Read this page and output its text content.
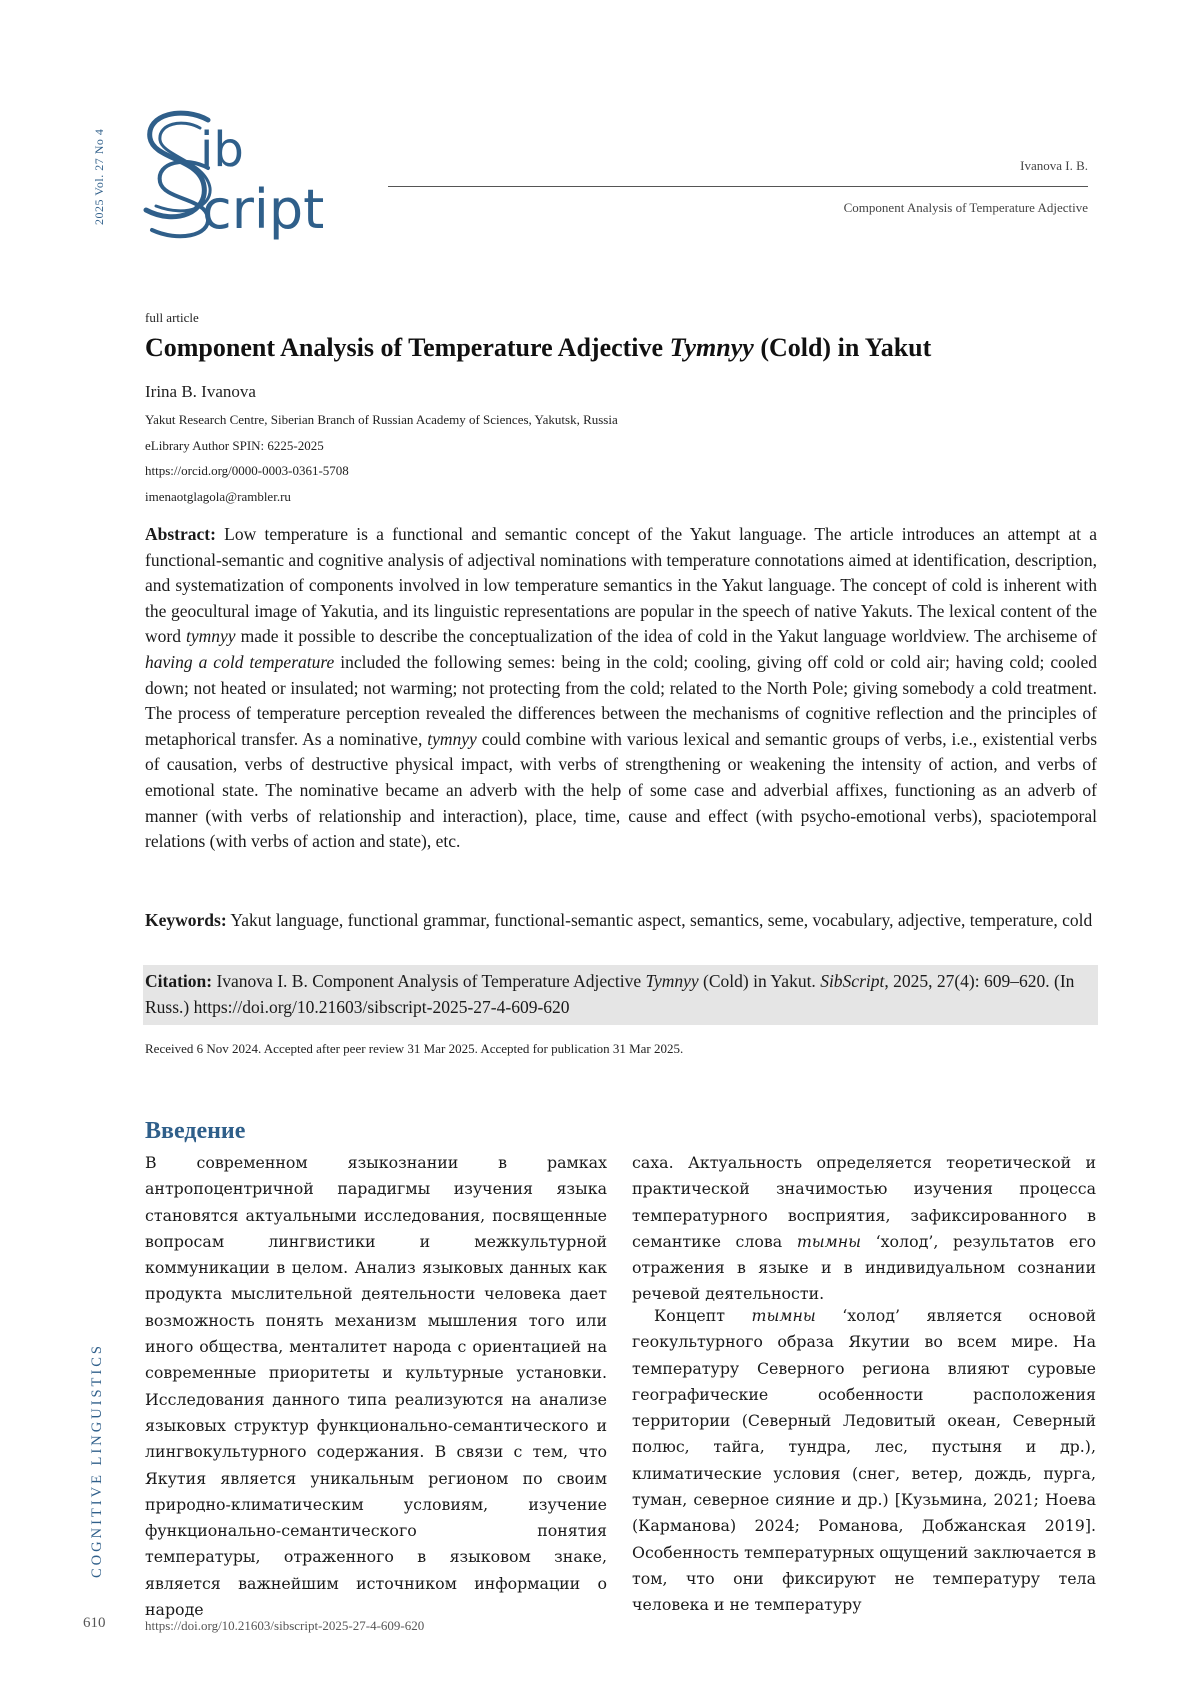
2025 Vol. 27 No 4
COGNITIVE LINGUISTICS
ib
cript
Ivanova I. B.
Component Analysis of Temperature Adjective
full article
Component Analysis of Temperature Adjective Tymnyy (Cold) in Yakut
Irina B. Ivanova
Yakut Research Centre, Siberian Branch of Russian Academy of Sciences, Yakutsk, Russia
eLibrary Author SPIN: 6225-2025
https://orcid.org/0000-0003-0361-5708
imenaotglagola@rambler.ru

Abstract: Low temperature is a functional and semantic concept of the Yakut language. The article introduces an attempt at a functional-semantic and cognitive analysis of adjectival nominations with temperature connotations aimed at identification, description, and systematization of components involved in low temperature semantics in the Yakut language. The concept of cold is inherent with the geocultural image of Yakutia, and its linguistic representations are popular in the speech of native Yakuts. The lexical content of the word tymnyy made it possible to describe the conceptualization of the idea of cold in the Yakut language worldview. The archiseme of having a cold temperature included the following semes: being in the cold; cooling, giving off cold or cold air; having cold; cooled down; not heated or insulated; not warming; not protecting from the cold; related to the North Pole; giving somebody a cold treatment. The process of temperature perception revealed the differences between the mechanisms of cognitive reflection and the principles of metaphorical transfer. As a nominative, tymnyy could combine with various lexical and semantic groups of verbs, i.e., existential verbs of causation, verbs of destructive physical impact, with verbs of strengthening or weakening the intensity of action, and verbs of emotional state. The nominative became an adverb with the help of some case and adverbial affixes, functioning as an adverb of manner (with verbs of relationship and interaction), place, time, cause and effect (with psycho-emotional verbs), spaciotemporal relations (with verbs of action and state), etc.

Keywords: Yakut language, functional grammar, functional-semantic aspect, semantics, seme, vocabulary, adjective, temperature, cold

Citation: Ivanova I. B. Component Analysis of Temperature Adjective Tymnyy (Cold) in Yakut. SibScript, 2025, 27(4): 609–620. (In Russ.) https://doi.org/10.21603/sibscript-2025-27-4-609-620
Received 6 Nov 2024. Accepted after peer review 31 Mar 2025. Accepted for publication 31 Mar 2025.
Введение

В современном языкознании в рамках антропоцентричной парадигмы изучения языка становятся актуальными исследования, посвященные вопросам лингвистики и межкультурной коммуникации в целом. Анализ языковых данных как продукта мыслительной деятельности человека дает возможность понять механизм мышления того или иного общества, менталитет народа с ориентацией на современные приоритеты и культурные установки. Исследования данного типа реализуются на анализе языковых структур функционально-семантического и лингвокультурного содержания. В связи с тем, что Якутия является уникальным регионом по своим природно-климатическим условиям, изучение функционально-семантического понятия температуры, отраженного в языковом знаке, является важнейшим источником информации о народе

саха. Актуальность определяется теоретической и практической значимостью изучения процесса температурного восприятия, зафиксированного в семантике слова тымны ‘холод’, результатов его отражения в языке и в индивидуальном сознании речевой деятельности.

Концепт тымны ‘холод’ является основой геокультурного образа Якутии во всем мире. На температуру Северного региона влияют суровые географические особенности расположения территории (Северный Ледовитый океан, Северный полюс, тайга, тундра, лес, пустыня и др.), климатические условия (снег, ветер, дождь, пурга, туман, северное сияние и др.) [Кузьмина, 2021; Ноева (Карманова) 2024; Романова, Добжанская 2019]. Особенность температурных ощущений заключается в том, что они фиксируют не температуру тела человека и не температуру

610	https://doi.org/10.21603/sibscript-2025-27-4-609-620
